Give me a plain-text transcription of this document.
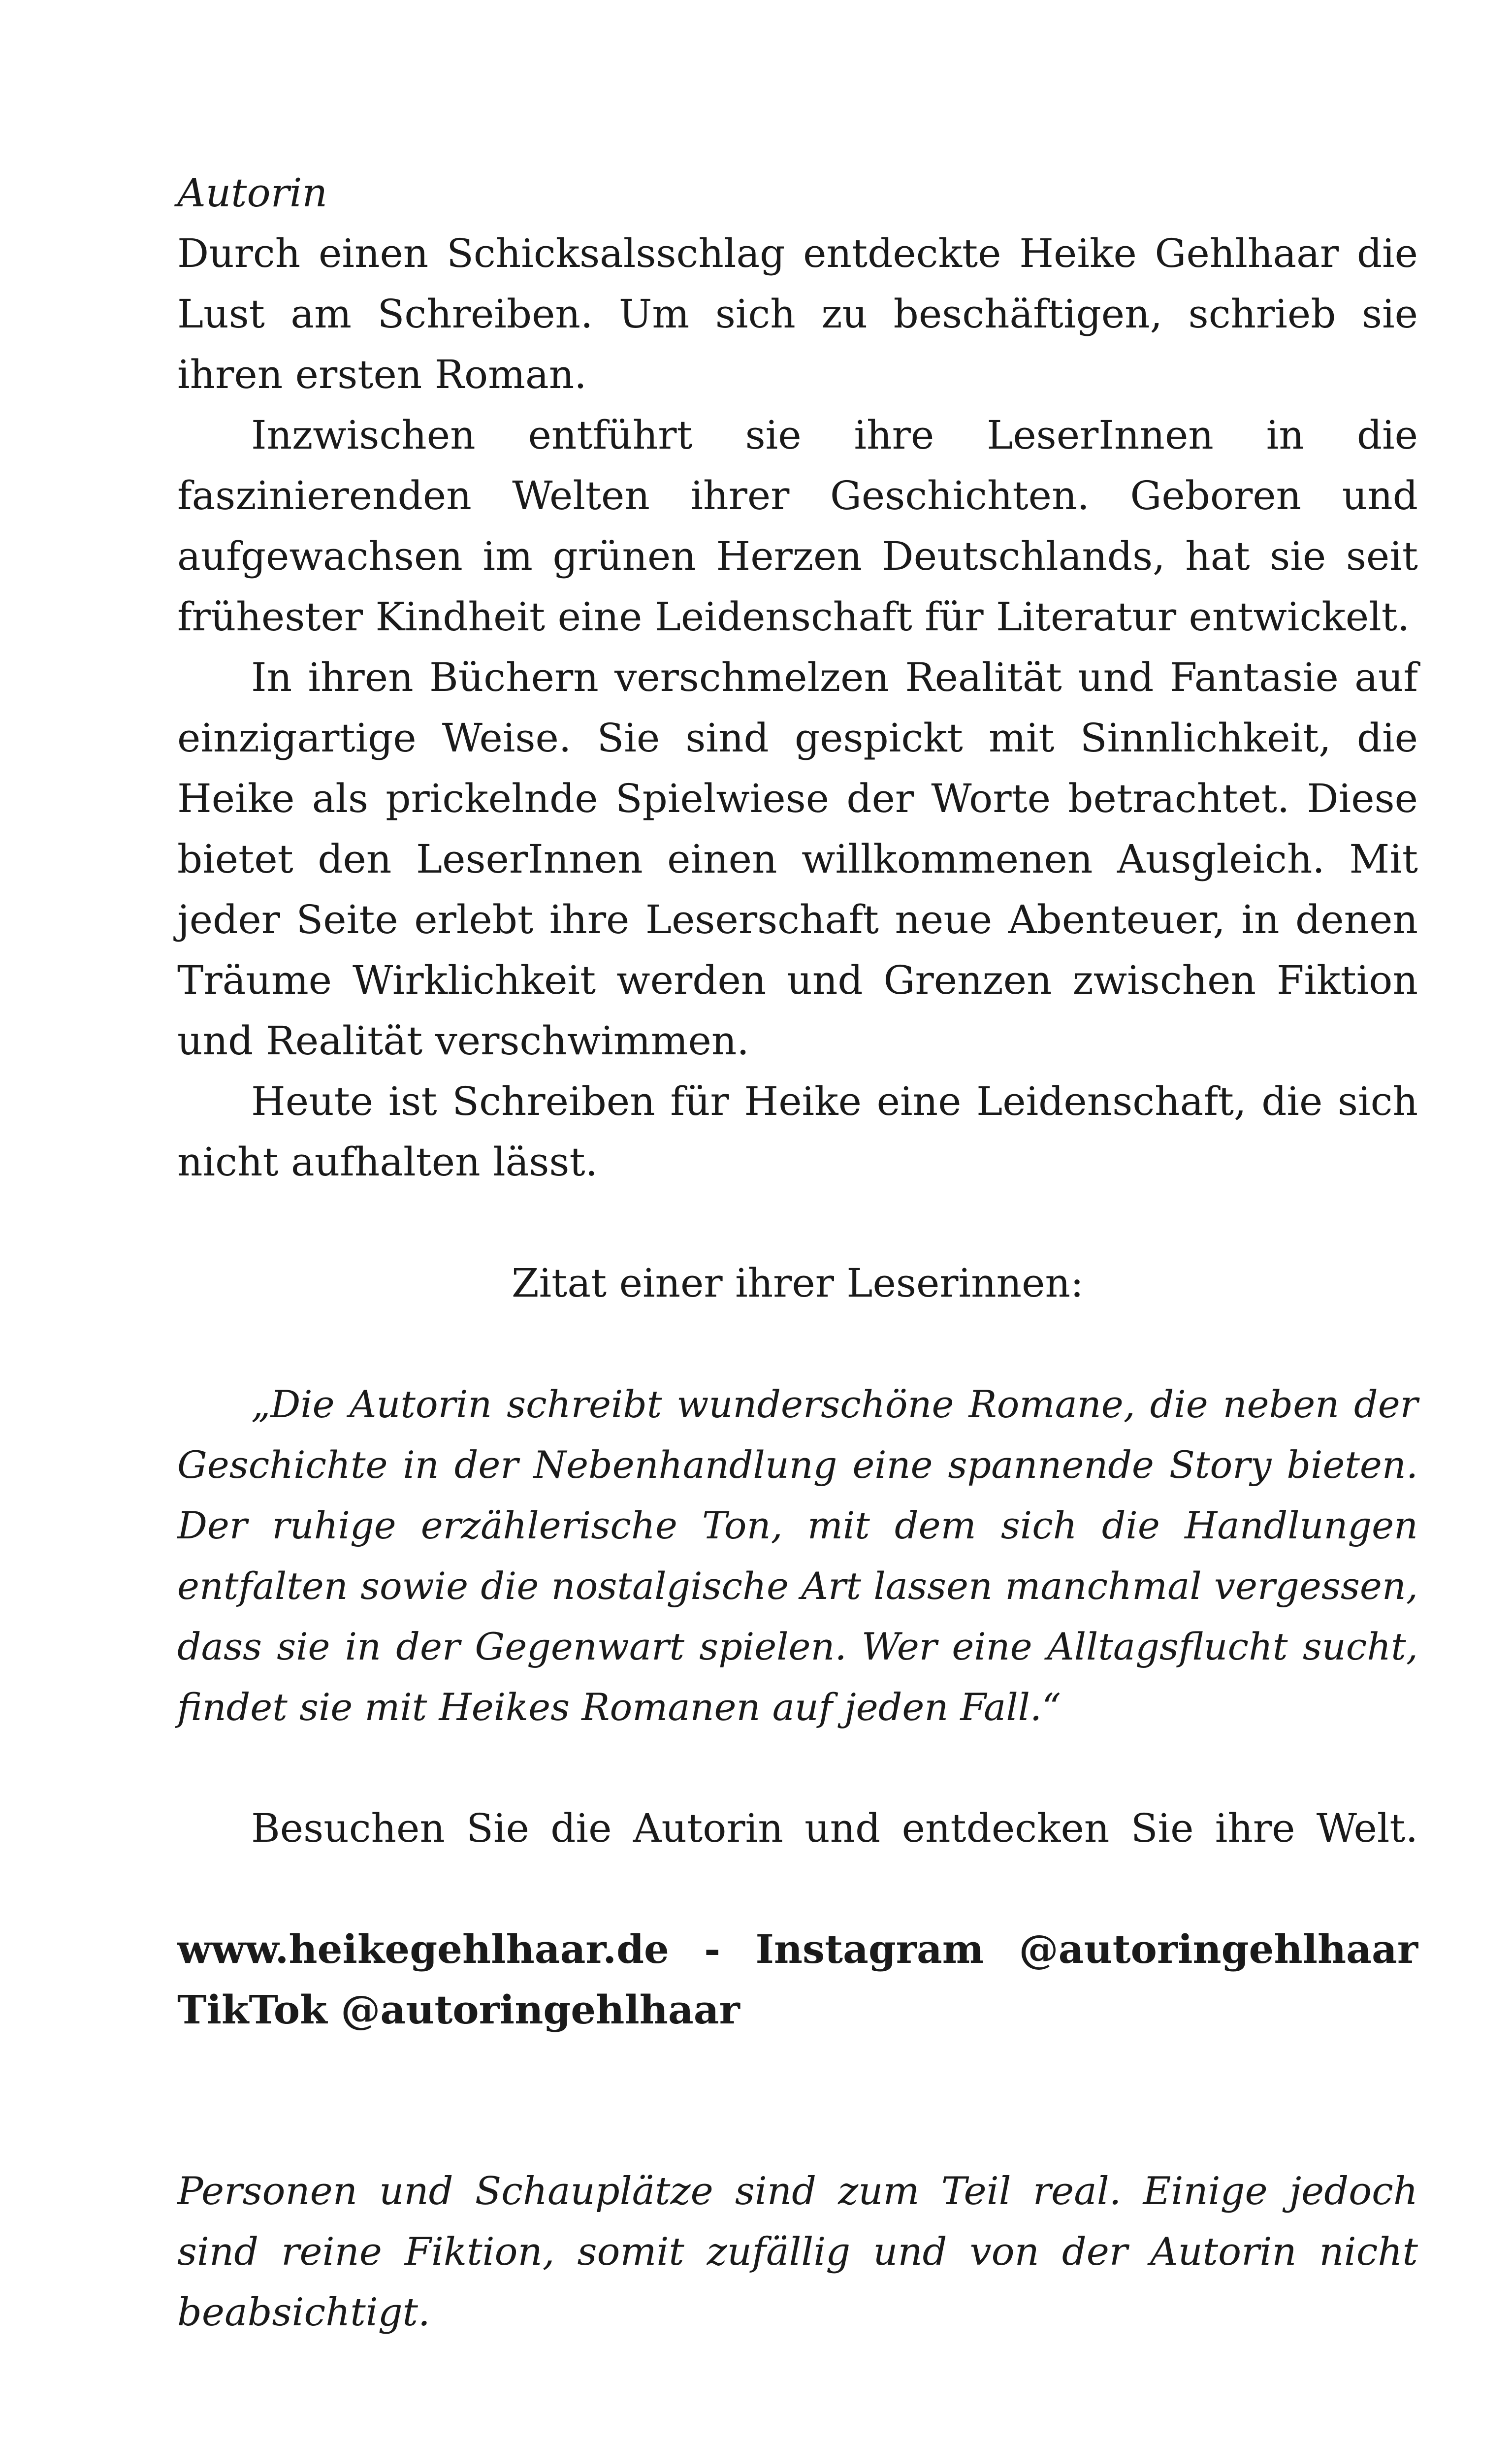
Autorin

Durch einen Schicksalsschlag entdeckte Heike Gehlhaar die Lust am Schreiben. Um sich zu beschäftigen, schrieb sie ihren ersten Roman.

Inzwischen entführt sie ihre LeserInnen in die faszinierenden Welten ihrer Geschichten. Geboren und aufgewachsen im grünen Herzen Deutschlands, hat sie seit frühester Kindheit eine Leidenschaft für Literatur entwickelt.

In ihren Büchern verschmelzen Realität und Fantasie auf einzigartige Weise. Sie sind gespickt mit Sinnlichkeit, die Heike als prickelnde Spielwiese der Worte betrachtet. Diese bietet den LeserInnen einen willkommenen Ausgleich. Mit jeder Seite erlebt ihre Leserschaft neue Abenteuer, in denen Träume Wirklichkeit werden und Grenzen zwischen Fiktion und Realität verschwimmen.

Heute ist Schreiben für Heike eine Leidenschaft, die sich nicht aufhalten lässt.

Zitat einer ihrer Leserinnen:

„Die Autorin schreibt wunderschöne Romane, die neben der Geschichte in der Nebenhandlung eine spannende Story bieten. Der ruhige erzählerische Ton, mit dem sich die Handlungen entfalten sowie die nostalgische Art lassen manchmal vergessen, dass sie in der Gegenwart spielen. Wer eine Alltagsflucht sucht, findet sie mit Heikes Romanen auf jeden Fall.“

Besuchen Sie die Autorin und entdecken Sie ihre Welt.

www.heikegehlhaar.de - Instagram @autoringehlhaar TikTok @autoringehlhaar

Personen und Schauplätze sind zum Teil real. Einige jedoch sind reine Fiktion, somit zufällig und von der Autorin nicht beabsichtigt.
